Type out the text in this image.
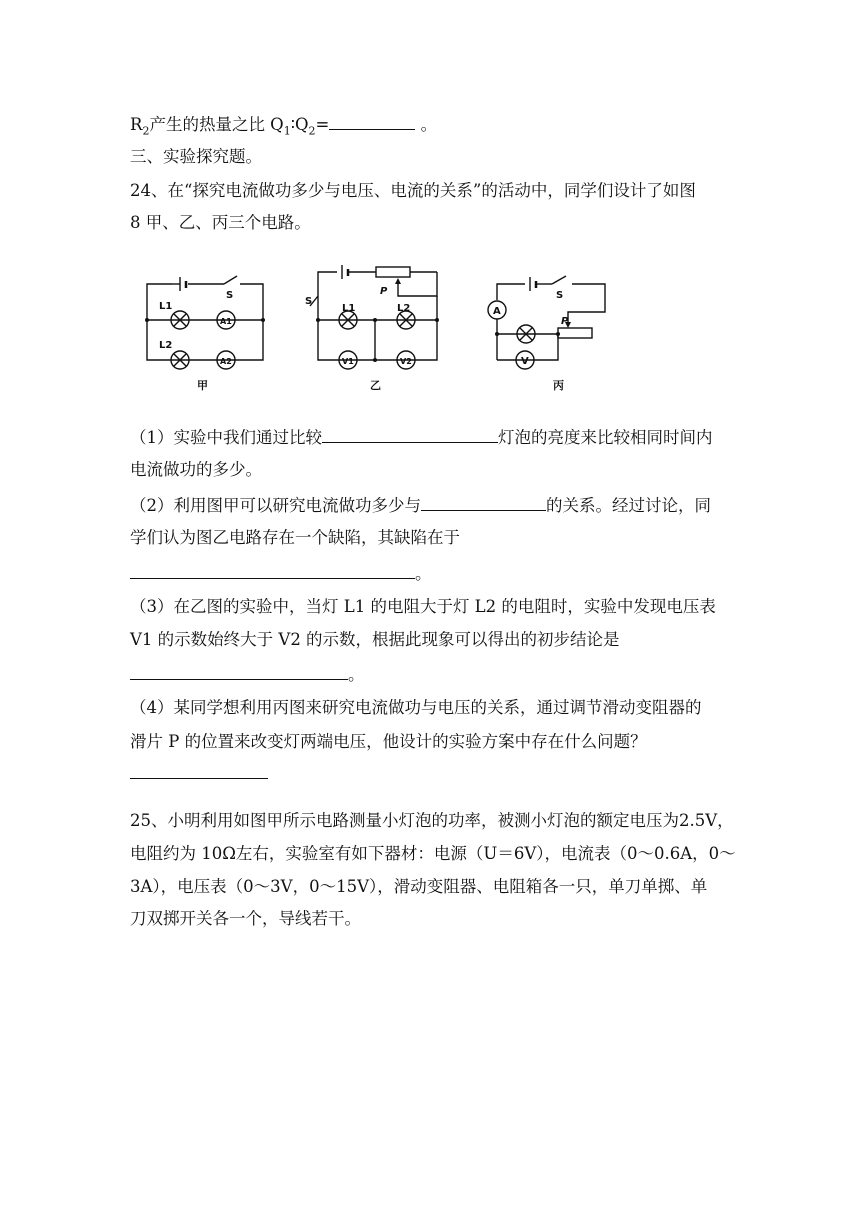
$R_2$产生的热量之比 $Q_1∶Q_2=$	。
三、实验探究题。
24、在“探究电流做功多少与电压、电流的关系”的活动中，同学们设计了如图
8 甲、乙、丙三个电路。
S
L1
L2
A1
A2
甲
S
P
L1	L2
V1	V2
乙
S
P
A
V
丙
（1）实验中我们通过比较	灯泡的亮度来比较相同时间内
电流做功的多少。
（2）利用图甲可以研究电流做功多少与	的关系。经过讨论，同
学们认为图乙电路存在一个缺陷，其缺陷在于
。
（3）在乙图的实验中，当灯 L1 的电阻大于灯 L2 的电阻时，实验中发现电压表
V1 的示数始终大于 V2 的示数，根据此现象可以得出的初步结论是
。
（4）某同学想利用丙图来研究电流做功与电压的关系，通过调节滑动变阻器的
滑片 P 的位置来改变灯两端电压，他设计的实验方案中存在什么问题？
25、小明利用如图甲所示电路测量小灯泡的功率，被测小灯泡的额定电压为2.5V，
电阻约为 10Ω左右，实验室有如下器材：电源（U＝6V），电流表（0～0.6A，0～
3A），电压表（0～3V，0～15V），滑动变阻器、电阻箱各一只，单刀单掷、单
刀双掷开关各一个，导线若干。
